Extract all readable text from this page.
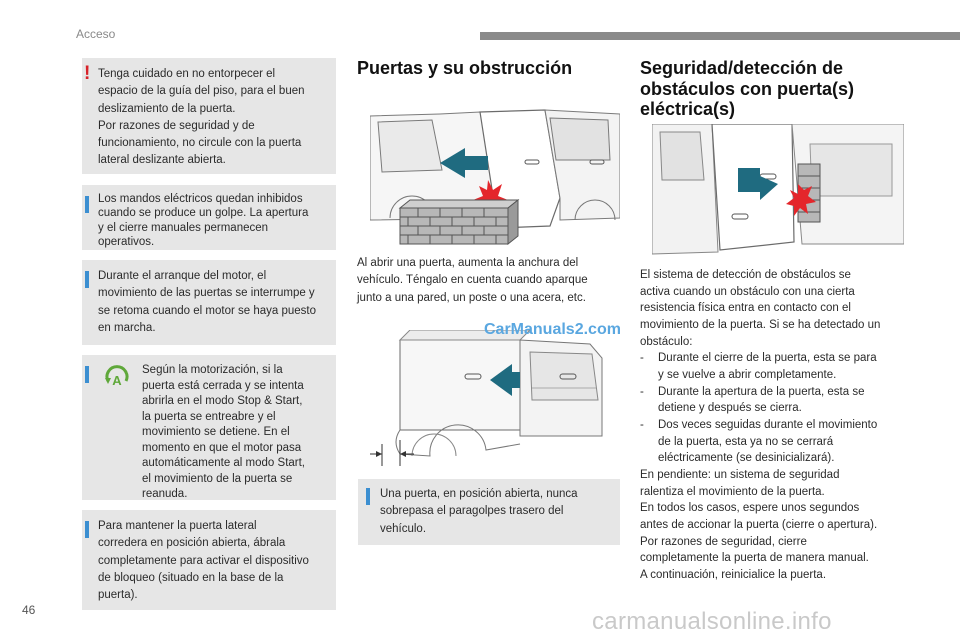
Acceso
!

Tenga cuidado en no entorpecer el
espacio de la guía del piso, para el buen
deslizamiento de la puerta.
Por razones de seguridad y de
funcionamiento, no circule con la puerta
lateral deslizante abierta.

Los mandos eléctricos quedan inhibidos
cuando se produce un golpe. La apertura
y el cierre manuales permanecen
operativos.

Durante el arranque del motor, el
movimiento de las puertas se interrumpe y
se retoma cuando el motor se haya puesto
en marcha.

A
Según la motorización, si la
puerta está cerrada y se intenta
abrirla en el modo Stop & Start,
la puerta se entreabre y el
movimiento se detiene. En el
momento en que el motor pasa
automáticamente al modo Start,
el movimiento de la puerta se
reanuda.

Para mantener la puerta lateral
corredera en posición abierta, ábrala
completamente para activar el dispositivo
de bloqueo (situado en la base de la
puerta).

Puertas y su obstrucción
Al abrir una puerta, aumenta la anchura del
vehículo. Téngalo en cuenta cuando aparque
junto a una pared, un poste o una acera, etc.
CarManuals2.com

Una puerta, en posición abierta, nunca
sobrepasa el paragolpes trasero del
vehículo.

Seguridad/detección de
obstáculos con puerta(s)
eléctrica(s)
El sistema de detección de obstáculos se
activa cuando un obstáculo con una cierta
resistencia física entra en contacto con el
movimiento de la puerta. Si se ha detectado un
obstáculo:
-	Durante el cierre de la puerta, esta se para
y se vuelve a abrir completamente.
-	Durante la apertura de la puerta, esta se
detiene y después se cierra.
-	Dos veces seguidas durante el movimiento
de la puerta, esta ya no se cerrará
eléctricamente (se desinicializará).
En pendiente: un sistema de seguridad
ralentiza el movimiento de la puerta.
En todos los casos, espere unos segundos
antes de accionar la puerta (cierre o apertura).
Por razones de seguridad, cierre
completamente la puerta de manera manual.
A continuación, reinicialice la puerta.
46	carmanualsonline.info
